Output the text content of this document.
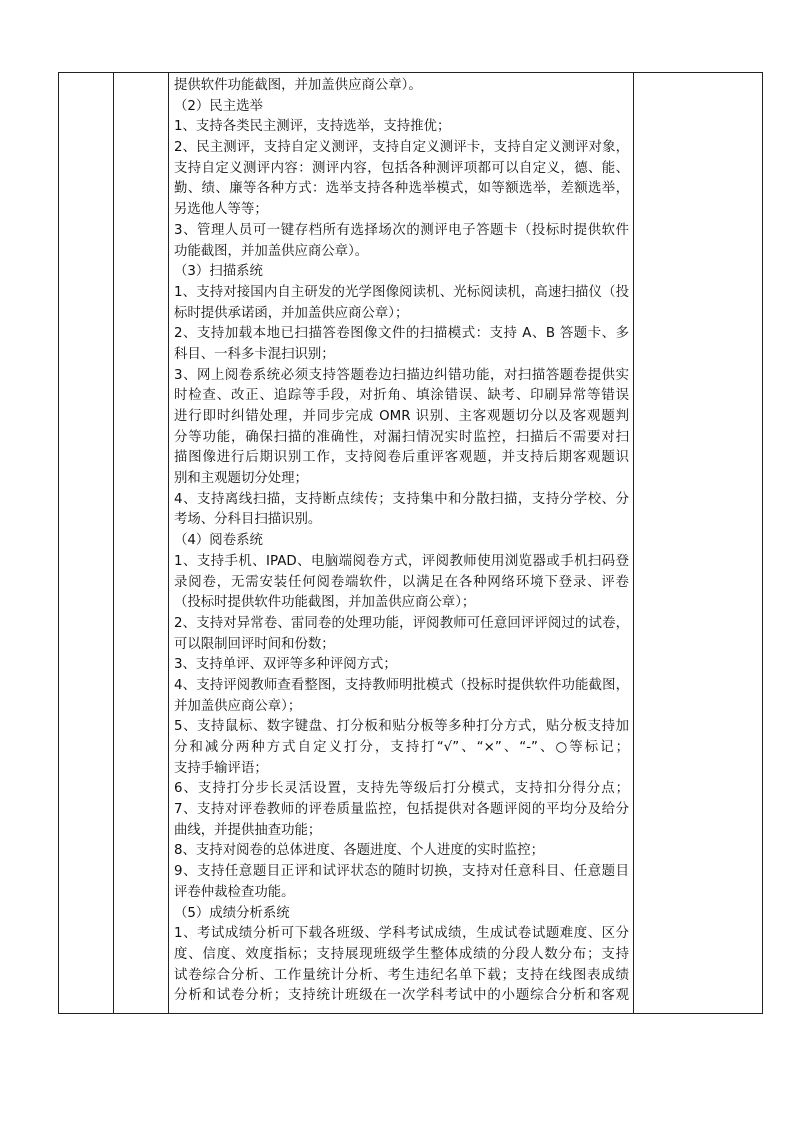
提供软件功能截图，并加盖供应商公章）。
（2）民主选举
1、支持各类民主测评，支持选举，支持推优；
2、民主测评，支持自定义测评，支持自定义测评卡，支持自定义测评对象，
支持自定义测评内容：测评内容，包括各种测评项都可以自定义，德、能、
勤、绩、廉等各种方式：选举支持各种选举模式，如等额选举，差额选举，
另选他人等等；
3、管理人员可一键存档所有选择场次的测评电子答题卡（投标时提供软件
功能截图，并加盖供应商公章）。
（3）扫描系统
1、支持对接国内自主研发的光学图像阅读机、光标阅读机，高速扫描仪（投
标时提供承诺函，并加盖供应商公章）；
2、支持加载本地已扫描答卷图像文件的扫描模式：支持 A、B 答题卡、多
科目、一科多卡混扫识别；
3、网上阅卷系统必须支持答题卷边扫描边纠错功能，对扫描答题卷提供实
时检查、改正、追踪等手段，对折角、填涂错误、缺考、印刷异常等错误
进行即时纠错处理，并同步完成 OMR 识别、主客观题切分以及客观题判
分等功能，确保扫描的准确性，对漏扫情况实时监控，扫描后不需要对扫
描图像进行后期识别工作，支持阅卷后重评客观题，并支持后期客观题识
别和主观题切分处理；
4、支持离线扫描，支持断点续传；支持集中和分散扫描，支持分学校、分
考场、分科目扫描识别。
（4）阅卷系统
1、支持手机、IPAD、电脑端阅卷方式，评阅教师使用浏览器或手机扫码登
录阅卷，无需安装任何阅卷端软件，以满足在各种网络环境下登录、评卷
（投标时提供软件功能截图，并加盖供应商公章）；
2、支持对异常卷、雷同卷的处理功能，评阅教师可任意回评评阅过的试卷，
可以限制回评时间和份数；
3、支持单评、双评等多种评阅方式；
4、支持评阅教师查看整图，支持教师明批模式（投标时提供软件功能截图，
并加盖供应商公章）；
5、支持鼠标、数字键盘、打分板和贴分板等多种打分方式，贴分板支持加
分和减分两种方式自定义打分，支持打“√”、“×”、“-”、○等标记；
支持手输评语；
6、支持打分步长灵活设置，支持先等级后打分模式，支持扣分得分点；
7、支持对评卷教师的评卷质量监控，包括提供对各题评阅的平均分及给分
曲线，并提供抽查功能；
8、支持对阅卷的总体进度、各题进度、个人进度的实时监控；
9、支持任意题目正评和试评状态的随时切换，支持对任意科目、任意题目
评卷仲裁检查功能。
（5）成绩分析系统
1、考试成绩分析可下载各班级、学科考试成绩，生成试卷试题难度、区分
度、信度、效度指标；支持展现班级学生整体成绩的分段人数分布；支持
试卷综合分析、工作量统计分析、考生违纪名单下载；支持在线图表成绩
分析和试卷分析；支持统计班级在一次学科考试中的小题综合分析和客观
